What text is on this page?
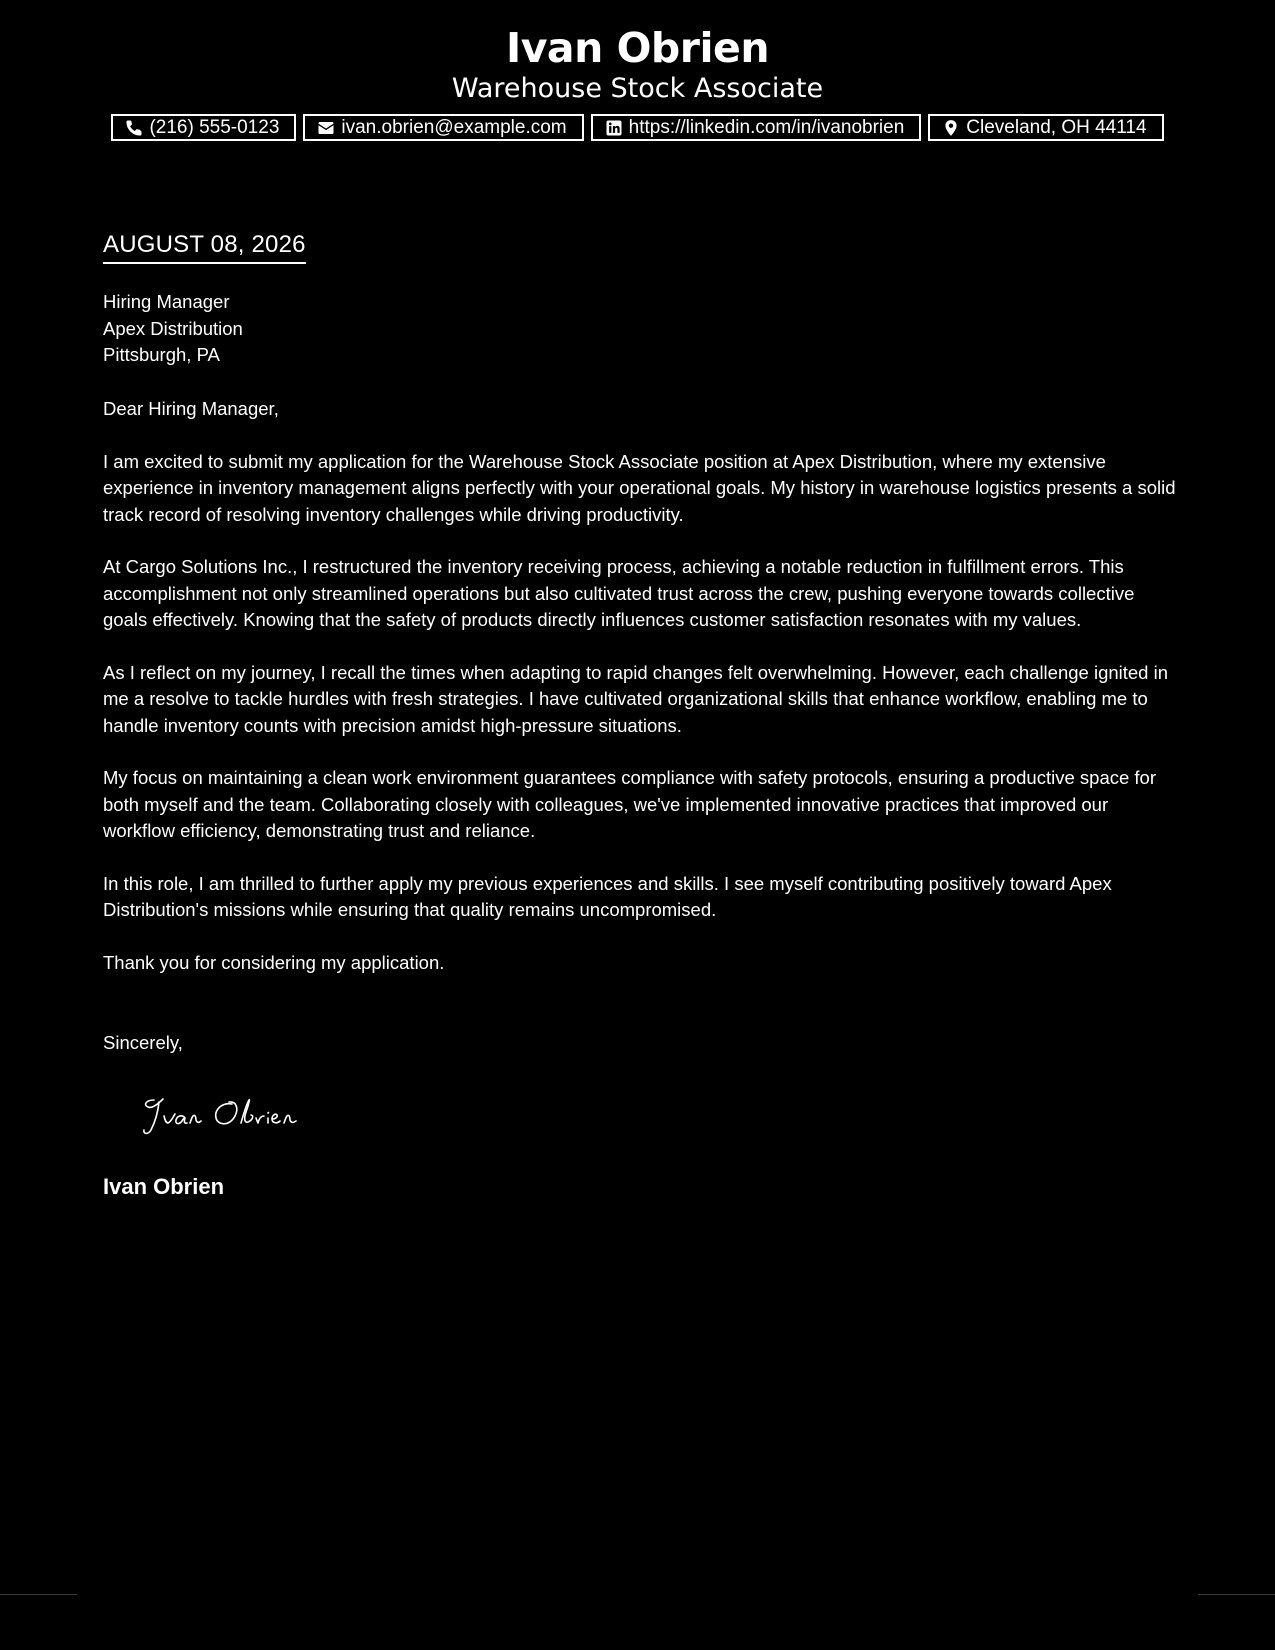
Ivan Obrien
Warehouse Stock Associate
(216) 555-0123	ivan.obrien@example.com	https://linkedin.com/in/ivanobrien	Cleveland, OH 44114
AUGUST 08, 2026
Hiring Manager
Apex Distribution
Pittsburgh, PA

Dear Hiring Manager,

I am excited to submit my application for the Warehouse Stock Associate position at Apex Distribution, where my extensive experience in inventory management aligns perfectly with your operational goals. My history in warehouse logistics presents a solid track record of resolving inventory challenges while driving productivity.

At Cargo Solutions Inc., I restructured the inventory receiving process, achieving a notable reduction in fulfillment errors. This accomplishment not only streamlined operations but also cultivated trust across the crew, pushing everyone towards collective goals effectively. Knowing that the safety of products directly influences customer satisfaction resonates with my values.

As I reflect on my journey, I recall the times when adapting to rapid changes felt overwhelming. However, each challenge ignited in me a resolve to tackle hurdles with fresh strategies. I have cultivated organizational skills that enhance workflow, enabling me to handle inventory counts with precision amidst high-pressure situations.

My focus on maintaining a clean work environment guarantees compliance with safety protocols, ensuring a productive space for both myself and the team. Collaborating closely with colleagues, we've implemented innovative practices that improved our workflow efficiency, demonstrating trust and reliance.

In this role, I am thrilled to further apply my previous experiences and skills. I see myself contributing positively toward Apex Distribution's missions while ensuring that quality remains uncompromised.

Thank you for considering my application.

Sincerely,
Ivan Obrien
